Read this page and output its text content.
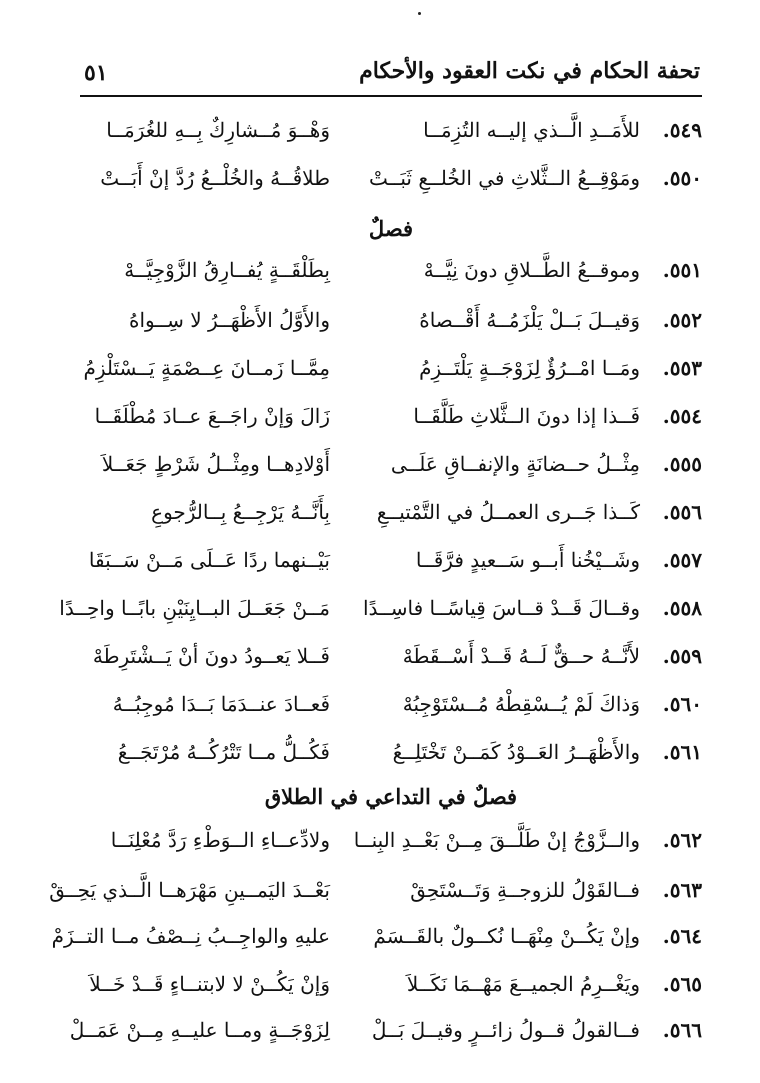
٥١	تحفة الحكام في نكت العقود والأحكام
٥٤٩.
للأَمَــدِ الَّــذي إليــه التُزِمَــا
وَهْــوَ مُــشارِكٌ بِــهِ للغُرَمَــا
٥٥٠.
ومَوْقِــعُ الــثَّلاثِ في الخُلــعِ ثَبَــتْ
طلاقُــهُ والخُلْــعُ رُدَّ إنْ أَبَــتْ
فصلٌ
٥٥١.
وموقــعُ الطَّــلاقِ دونَ نِيَّــهْ
بِطَلْقَــةٍ يُفــارِقُ الزَّوْجِيَّــهْ
٥٥٢.
وَقيــلَ بَــلْ يَلْزَمُــهُ أَقْــصاهُ
والأَوَّلُ الأَظْهَــرُ لا سِــواهُ
٥٥٣.
ومَــا امْــرُؤٌ لِزَوْجَــةٍ يَلْتَــزِمُ
مِمَّــا زَمــانَ عِــصْمَةٍ يَــسْتَلْزِمُ
٥٥٤.
فَــذا إذا دونَ الــثَّلاثِ طَلَّقَــا
زَالَ وَإنْ راجَــعَ عــادَ مُطْلَقَــا
٥٥٥.
مِثْــلُ حــضانَةٍ والإنفــاقِ عَلَــى
أَوْلادِهــا ومِثْــلُ شَرْطٍ جَعَــلاَ
٥٥٦.
كَــذا جَــرى العمــلُ في التَّمْتيــعِ
بِأَنَّــهُ يَرْجِــعُ بِــالرُّجوعِ
٥٥٧.
وشَــيْخُنا أَبــو سَــعيدٍ فرَّقَــا
بَيْــنهما ردًا عَــلَى مَــنْ سَــبَقَا
٥٥٨.
وقــالَ قَــدْ قــاسَ قِياسًــا فاسِــدًا
مَــنْ جَعَــلَ البــايِنَيْنِ بابًــا واحِــدًا
٥٥٩.
لأَنَّــهُ حــقٌّ لَــهُ قَــدْ أَسْــقَطَهْ
فَــلا يَعــودُ دونَ أنْ يَــشْتَرِطَهْ
٥٦٠.
وَذاكَ لَمْ يُــسْقِطْهُ مُــسْتَوْجِبُهْ
فَعــادَ عنــدَمَا بَــدَا مُوجِبُــهُ
٥٦١.
والأَظْهَــرُ العَــوْدُ كَمَــنْ تَخْتَلِــعُ
فَكُــلُّ مــا تَتْرُكُــهُ مُرْتَجَــعُ
فصلٌ في التداعي في الطلاق
٥٦٢.
والــزَّوْجُ إنْ طَلَّــقَ مِــنْ بَعْــدِ البِنــا
ولادِّعــاءِ الــوَطْءِ رَدَّ مُعْلِنَــا
٥٦٣.
فــالقَوْلُ للزوجــةِ وَتَــسْتَحِقْ
بَعْــدَ اليَمــينِ مَهْرَهــا الَّــذي يَحِــقْ
٥٦٤.
وإنْ يَكُــنْ مِنْهَــا نُكــولٌ بالقَــسَمْ
عليهِ والواجِــبُ نِــصْفُ مــا التــزَمْ
٥٦٥.
ويَغْــرِمُ الجميــعَ مَهْــمَا نَكَــلاَ
وَإنْ يَكُــنْ لا لابتنــاءٍ قَــدْ خَــلاَ
٥٦٦.
فــالقولُ قــولُ زائــرٍ وقيــلَ بَــلْ
لِزَوْجَــةٍ ومــا عليــهِ مِــنْ عَمَــلْ
